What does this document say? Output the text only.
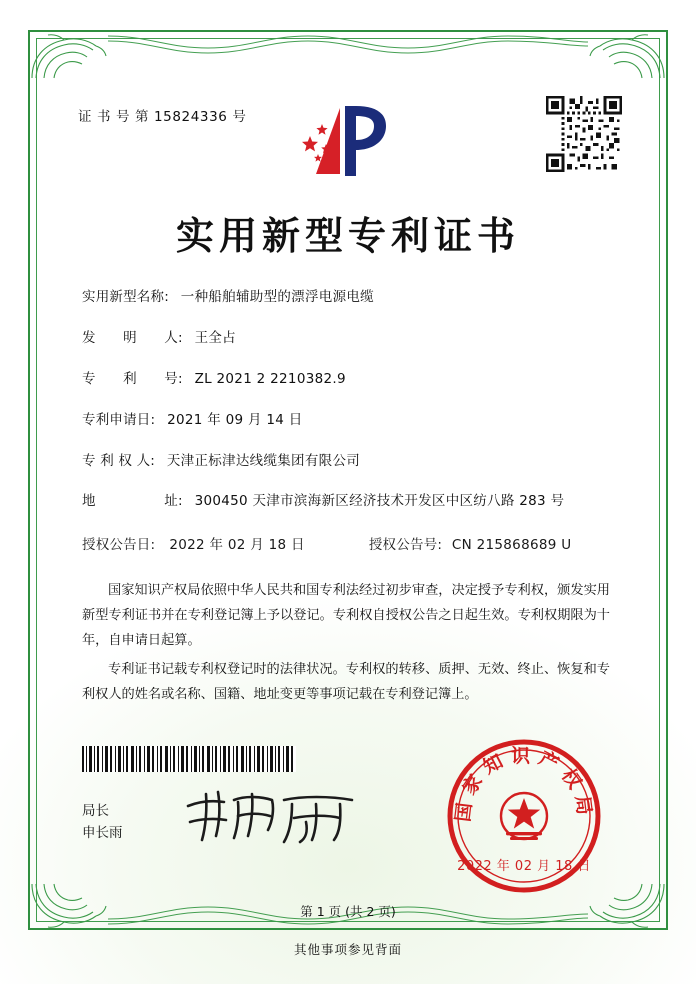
证 书 号 第 15824336 号
实用新型专利证书
实用新型名称 : 一种船舶辅助型的漂浮电源电缆
发 明 人 : 王全占
专 利 号 : ZL 2021 2 2210382.9
专利申请日 : 2021 年 09 月 14 日
专 利 权 人 : 天津正标津达线缆集团有限公司
地　址 : 300450 天津市滨海新区经济技术开发区中区纺八路 283 号
授权公告日: 2022 年 02 月 18 日	授权公告号 : CN 215868689 U

国家知识产权局依照中华人民共和国专利法经过初步审查，决定授予专利权，颁发实用新型专利证书并在专利登记簿上予以登记。专利权自授权公告之日起生效。专利权期限为十年，自申请日起算。

专利证书记载专利权登记时的法律状况。专利权的转移、质押、无效、终止、恢复和专利权人的姓名或名称、国籍、地址变更等事项记载在专利登记簿上。

局长
申长雨
国家知识产权局
2022 年 02 月 18 日
第 1 页 (共 2 页)
其他事项参见背面
